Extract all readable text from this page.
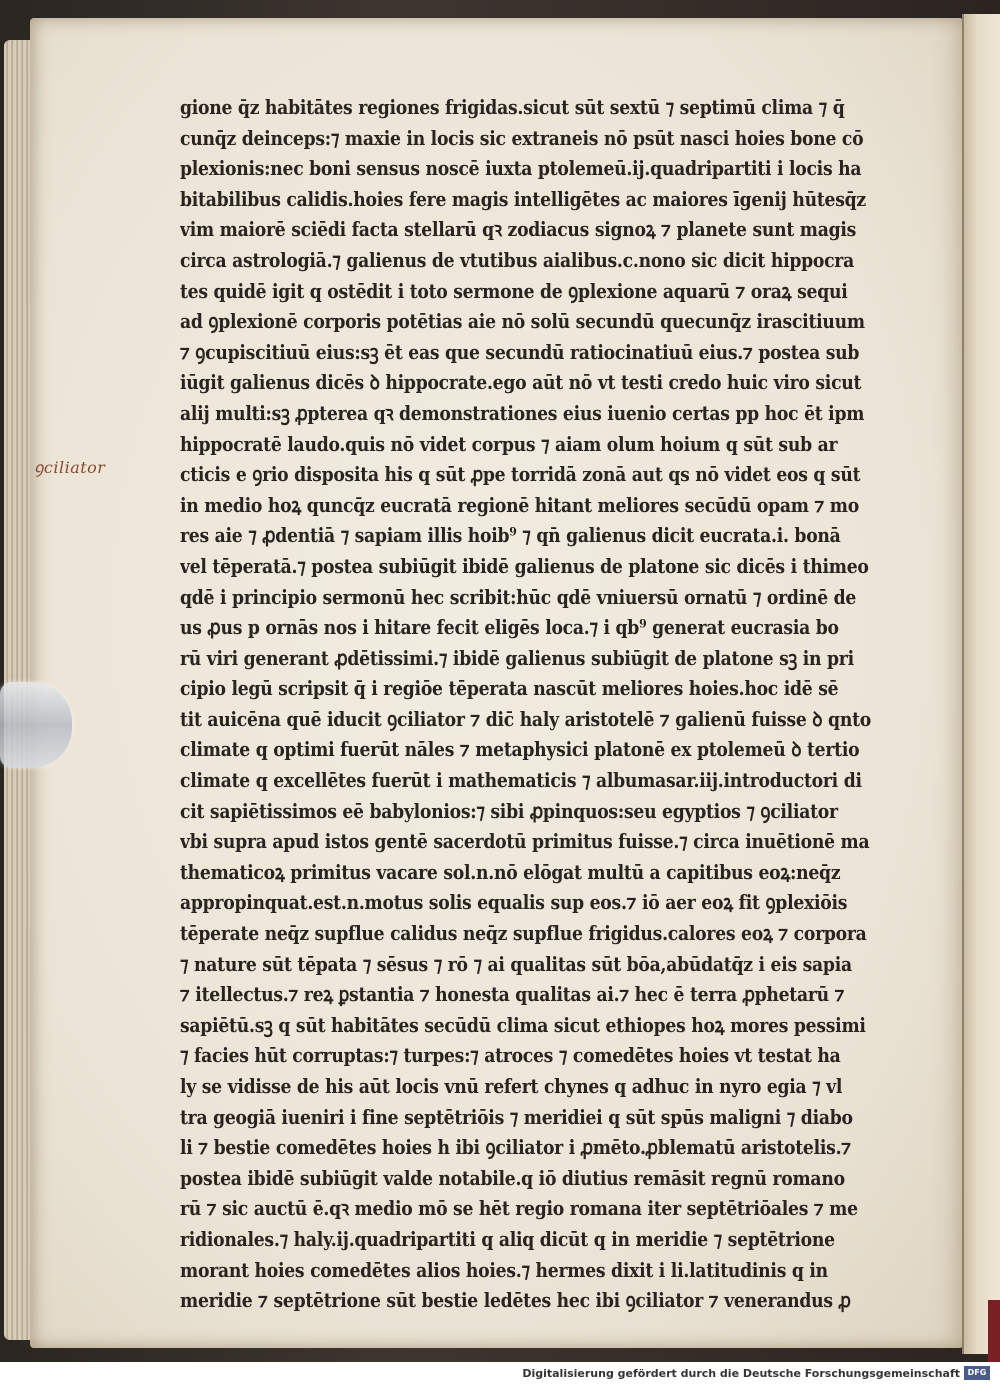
ꝯciliator
gione q̄z habitātes regiones frigidas.sicut sūt sextū ⁊ septimū clima ⁊ q̄
cunq̄z deinceps:⁊ maxie in locis sic extraneis nō psūt nasci hoies bone cō
plexionis:nec boni sensus noscē iuxta ptolemeū.ij.quadripartiti i locis ha
bitabilibus calidis.hoies fere magis intelligētes ac maiores īgenij hūtesq̄z
vim maiorē sciēdi facta stellarū qꝛ zodiacus signoꝝ ⁊ planete sunt magis
circa astrologiā.⁊ galienus de vtutibus aialibus.c.nono sic dicit hippocra
tes quidē igit q ostēdit i toto sermone de ꝯplexione aquarū ⁊ oraꝝ sequi
ad ꝯplexionē corporis potētias aie nō solū secundū quecunq̄z irascitiuum
⁊ ꝯcupiscitiuū eius:sꝫ ēt eas que secundū ratiocinatiuū eius.⁊ postea sub
iūgit galienus dicēs ꝺ hippocrate.ego aūt nō vt testi credo huic viro sicut
alij multi:sꝫ ꝓpterea qꝛ demonstrationes eius iuenio certas pp hoc ēt ipm
hippocratē laudo.quis nō videt corpus ⁊ aiam olum hoium q sūt sub ar
cticis e ꝯrio disposita his q sūt ꝓpe torridā zonā aut qs nō videt eos q sūt
in medio hoꝝ quncq̄z eucratā regionē hitant meliores secūdū opam ⁊ mo
res aie ⁊ ꝓdentiā ⁊ sapiam illis hoib⁹ ⁊ qn̄ galienus dicit eucrata.i. bonā
vel tēperatā.⁊ postea subiūgit ibidē galienus de platone sic dicēs i thimeo
qdē i principio sermonū hec scribit:hūc qdē vniuersū ornatū ⁊ ordinē de
us ꝓus p ornās nos i hitare fecit eligēs loca.⁊ i qb⁹ generat eucrasia bo
rū viri generant ꝓdētissimi.⁊ ibidē galienus subiūgit de platone sꝫ in pri
cipio legū scripsit q̄ i regiōe tēperata nascūt meliores hoies.hoc idē sē
tit auicēna quē iducit ꝯciliator ⁊ dic̄ haly aristotelē ⁊ galienū fuisse ꝺ qnto
climate q optimi fuerūt nāles ⁊ metaphysici platonē ex ptolemeū ꝺ tertio
climate q excellētes fuerūt i mathematicis ⁊ albumasar.iij.introductori di
cit sapiētissimos eē babylonios:⁊ sibi ꝓpinquos:seu egyptios ⁊ ꝯciliator
vbi supra apud istos gentē sacerdotū primitus fuisse.⁊ circa inuētionē ma
thematicoꝝ primitus vacare sol.n.nō elōgat multū a capitibus eoꝝ:neq̄z
appropinquat.est.n.motus solis equalis sup eos.⁊ iō aer eoꝝ fit ꝯplexiōis
tēperate neq̄z supflue calidus neq̄z supflue frigidus.calores eoꝝ ⁊ corpora
⁊ nature sūt tēpata ⁊ sēsus ⁊ rō ⁊ ai qualitas sūt bōa,abūdatq̄z i eis sapia
⁊ itellectus.⁊ reꝝ ꝑstantia ⁊ honesta qualitas ai.⁊ hec ē terra ꝓphetarū ⁊
sapiētū.sꝫ q sūt habitātes secūdū clima sicut ethiopes hoꝝ mores pessimi
⁊ facies hūt corruptas:⁊ turpes:⁊ atroces ⁊ comedētes hoies vt testat ha
ly se vidisse de his aūt locis vnū refert chynes q adhuc in nyro egia ⁊ vl
tra geogiā iueniri i fine septētriōis ⁊ meridiei q sūt spūs maligni ⁊ diabo
li ⁊ bestie comedētes hoies h ibi ꝯciliator i ꝓmēto.ꝓblematū aristotelis.⁊
postea ibidē subiūgit valde notabile.q iō diutius remāsit regnū romano
rū ⁊ sic auctū ē.qꝛ medio mō se hēt regio romana iter septētriōales ⁊ me
ridionales.⁊ haly.ij.quadripartiti q aliq dicūt q in meridie ⁊ septētrione
morant hoies comedētes alios hoies.⁊ hermes dixit i li.latitudinis q in
meridie ⁊ septētrione sūt bestie ledētes hec ibi ꝯciliator ⁊ venerandus ꝓ
Digitalisierung gefördert durch die Deutsche Forschungsgemeinschaft DFG
